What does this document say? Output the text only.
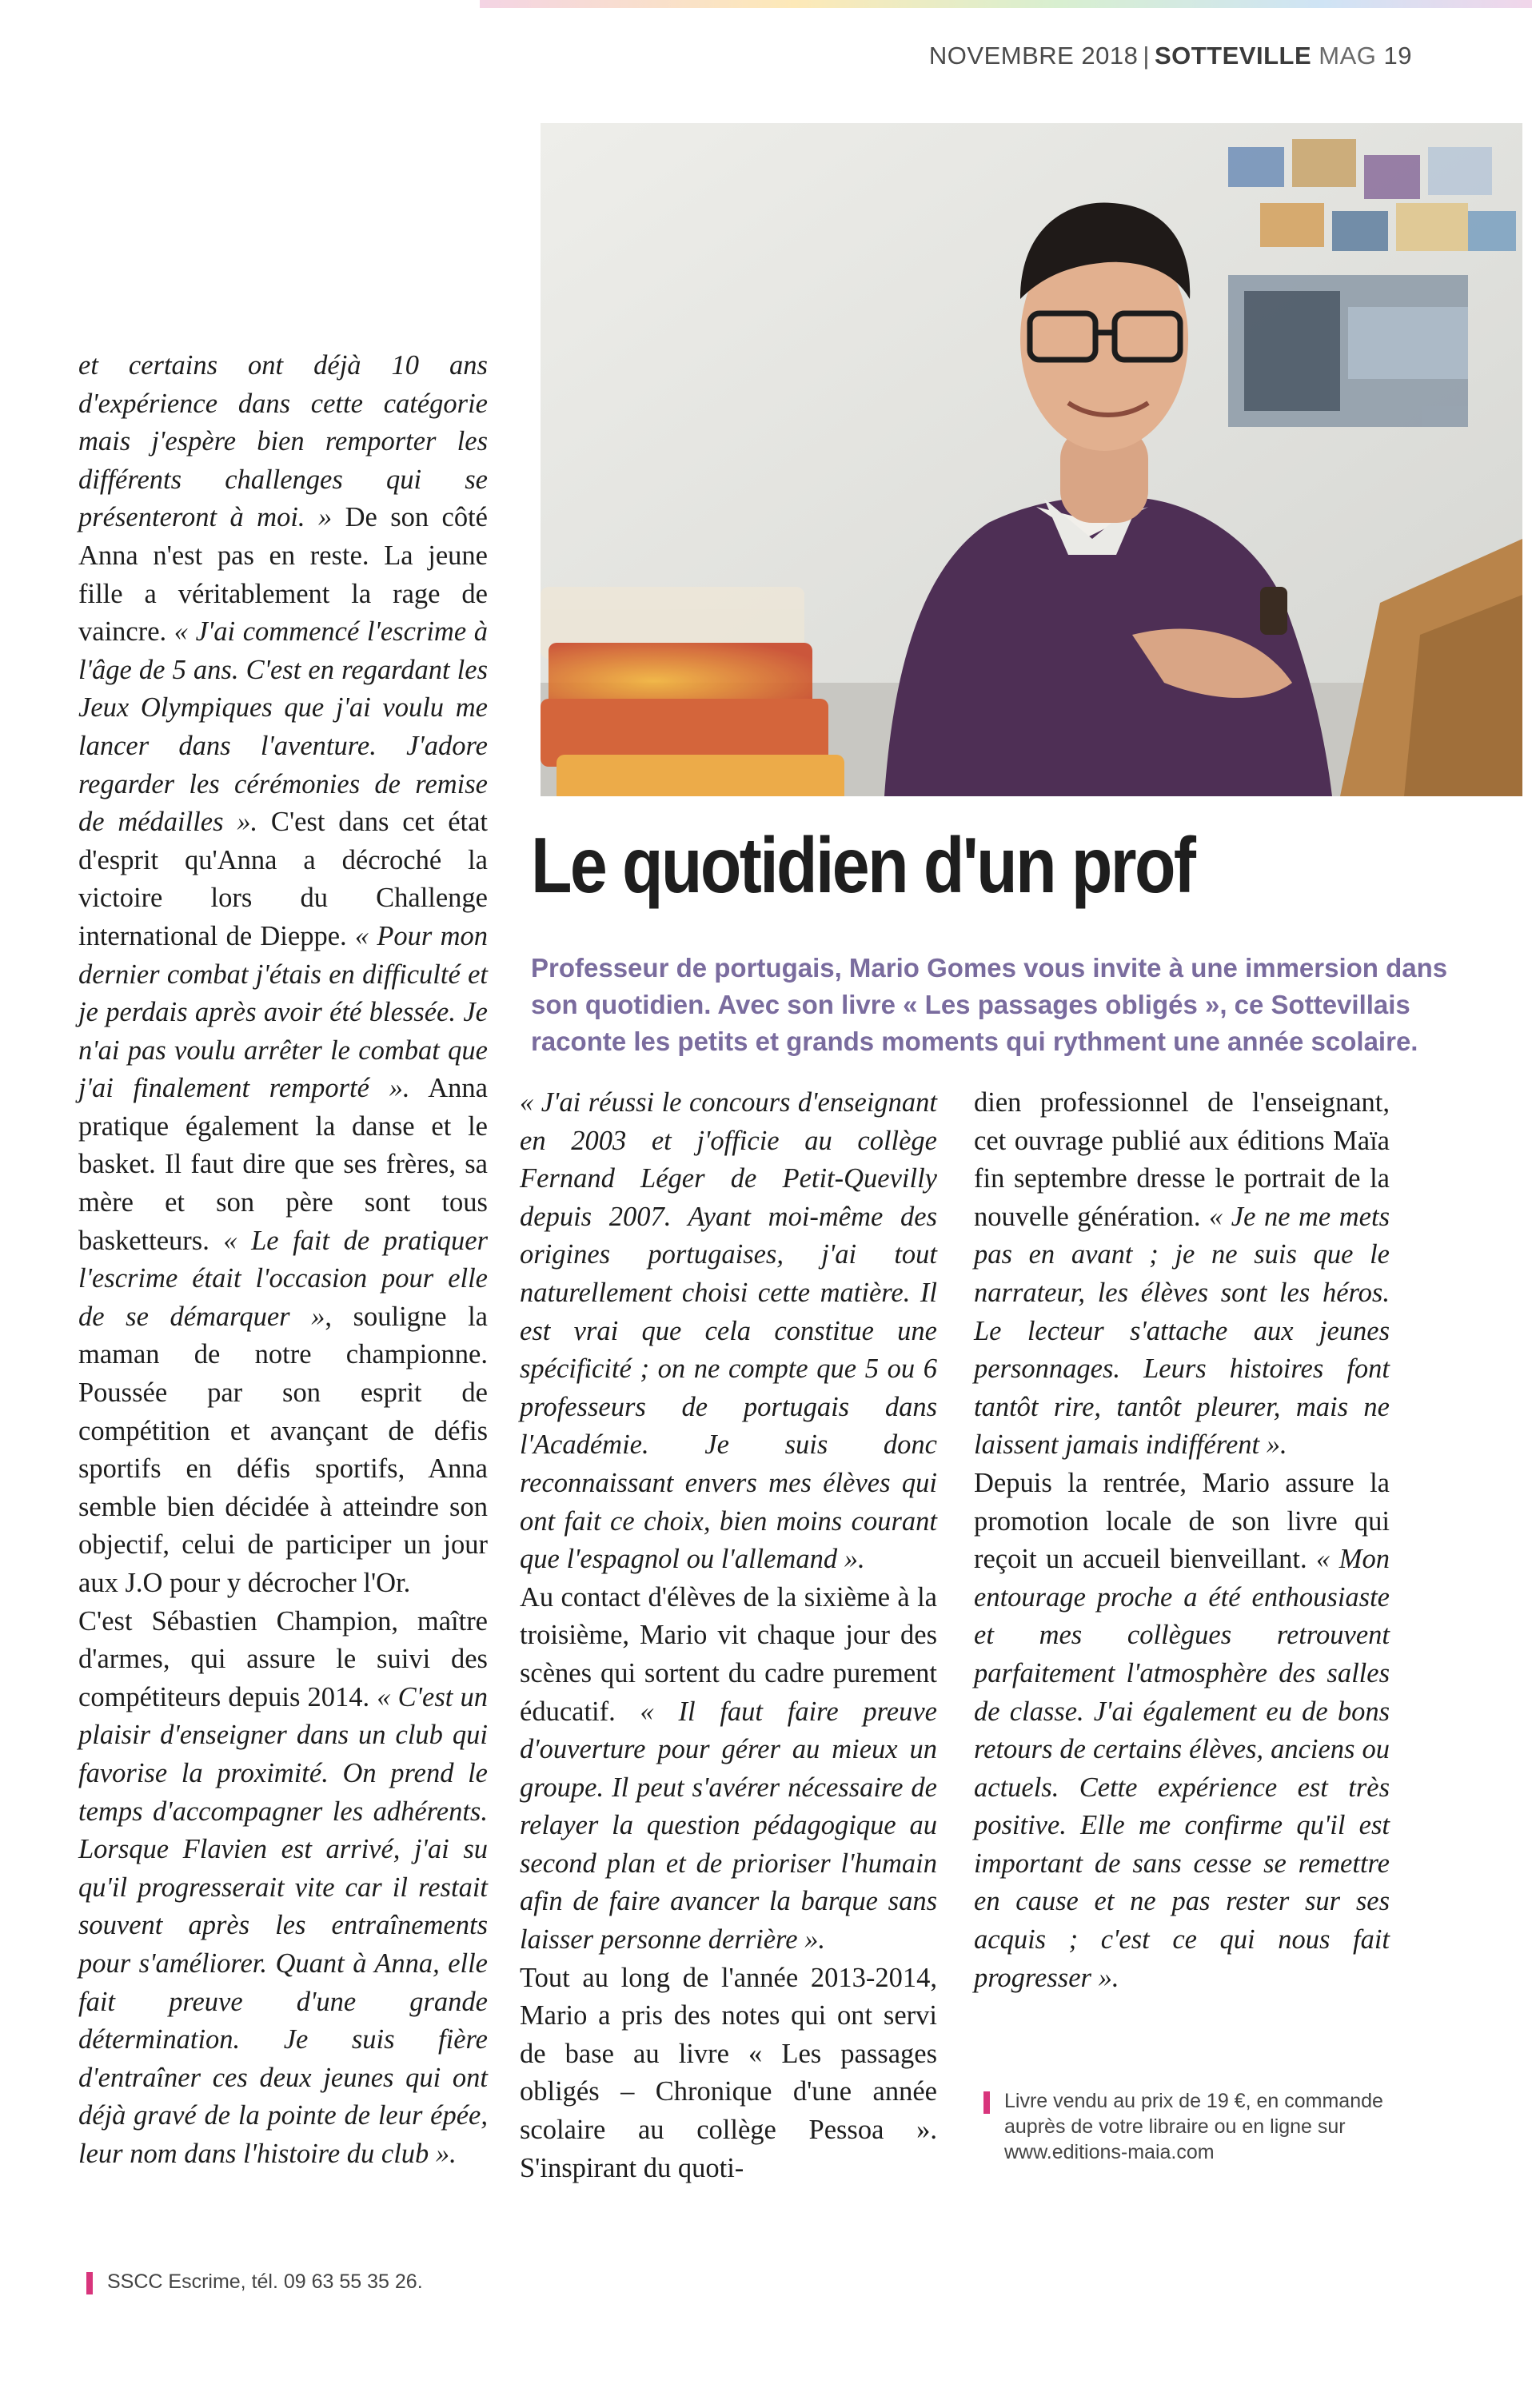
NOVEMBRE 2018 | SOTTEVILLE MAG 19

et certains ont déjà 10 ans d'expérience dans cette catégorie mais j'espère bien remporter les différents challenges qui se présenteront à moi. » De son côté Anna n'est pas en reste. La jeune fille a véritablement la rage de vaincre. « J'ai commencé l'escrime à l'âge de 5 ans. C'est en regardant les Jeux Olympiques que j'ai voulu me lancer dans l'aventure. J'adore regarder les cérémonies de remise de médailles ». C'est dans cet état d'esprit qu'Anna a décroché la victoire lors du Challenge international de Dieppe. « Pour mon dernier combat j'étais en difficulté et je perdais après avoir été blessée. Je n'ai pas voulu arrêter le combat que j'ai finalement remporté ». Anna pratique également la danse et le basket. Il faut dire que ses frères, sa mère et son père sont tous basketteurs. « Le fait de pratiquer l'escrime était l'occasion pour elle de se démarquer », souligne la maman de notre championne. Poussée par son esprit de compétition et avançant de défis sportifs en défis sportifs, Anna semble bien décidée à atteindre son objectif, celui de participer un jour aux J.O pour y décrocher l'Or.

C'est Sébastien Champion, maître d'armes, qui assure le suivi des compétiteurs depuis 2014. « C'est un plaisir d'enseigner dans un club qui favorise la proximité. On prend le temps d'accompagner les adhérents. Lorsque Flavien est arrivé, j'ai su qu'il progresserait vite car il restait souvent après les entraînements pour s'améliorer. Quant à Anna, elle fait preuve d'une grande détermination. Je suis fière d'entraîner ces deux jeunes qui ont déjà gravé de la pointe de leur épée, leur nom dans l'histoire du club ».

Le quotidien d'un prof
Professeur de portugais, Mario Gomes vous invite à une immersion dans
son quotidien. Avec son livre « Les passages obligés », ce Sottevillais
raconte les petits et grands moments qui rythment une année scolaire.

« J'ai réussi le concours d'enseignant en 2003 et j'officie au collège Fernand Léger de Petit-Quevilly depuis 2007. Ayant moi-même des origines portugaises, j'ai tout naturellement choisi cette matière. Il est vrai que cela constitue une spécificité ; on ne compte que 5 ou 6 professeurs de portugais dans l'Académie. Je suis donc reconnaissant envers mes élèves qui ont fait ce choix, bien moins courant que l'espagnol ou l'allemand ».

Au contact d'élèves de la sixième à la troisième, Mario vit chaque jour des scènes qui sortent du cadre purement éducatif. « Il faut faire preuve d'ouverture pour gérer au mieux un groupe. Il peut s'avérer nécessaire de relayer la question pédagogique au second plan et de prioriser l'humain afin de faire avancer la barque sans laisser personne derrière ».

Tout au long de l'année 2013-2014, Mario a pris des notes qui ont servi de base au livre « Les passages obligés – Chronique d'une année scolaire au collège Pessoa ». S'inspirant du quoti-

dien professionnel de l'enseignant, cet ouvrage publié aux éditions Maïa fin septembre dresse le portrait de la nouvelle génération. « Je ne me mets pas en avant ; je ne suis que le narrateur, les élèves sont les héros. Le lecteur s'attache aux jeunes personnages. Leurs histoires font tantôt rire, tantôt pleurer, mais ne laissent jamais indifférent ».

Depuis la rentrée, Mario assure la promotion locale de son livre qui reçoit un accueil bienveillant. « Mon entourage proche a été enthousiaste et mes collègues retrouvent parfaitement l'atmosphère des salles de classe. J'ai également eu de bons retours de certains élèves, anciens ou actuels. Cette expérience est très positive. Elle me confirme qu'il est important de sans cesse se remettre en cause et ne pas rester sur ses acquis ; c'est ce qui nous fait progresser ».

SSCC Escrime, tél. 09 63 55 35 26.
Livre vendu au prix de 19 €, en commande
auprès de votre libraire ou en ligne sur
www.editions-maia.com
